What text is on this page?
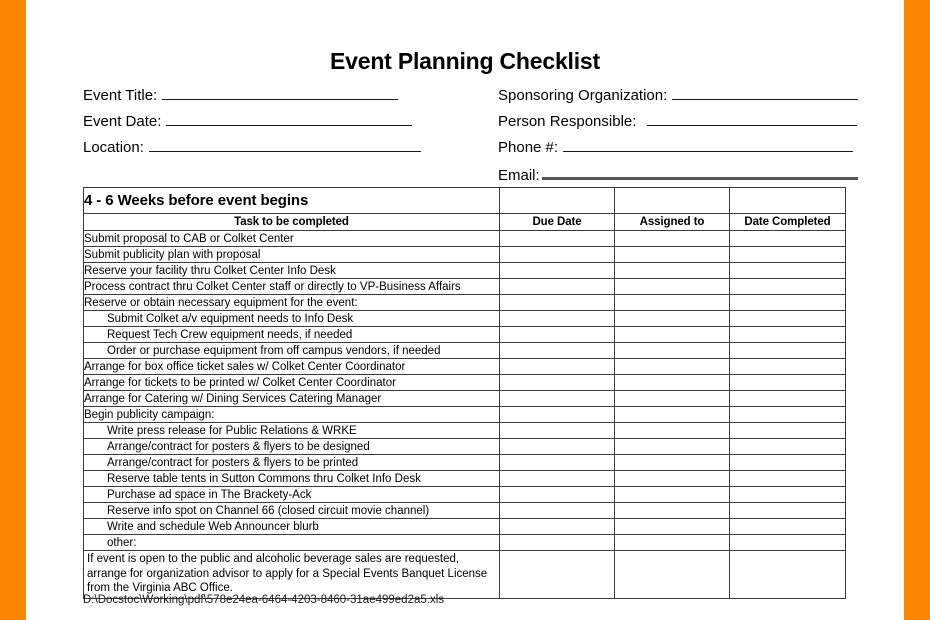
Event Planning Checklist
Event Title:
Event Date:
Location:
Sponsoring Organization:
Person Responsible:
Phone #:
Email:
4 - 6 Weeks before event begins			
Task to be completed	Due Date	Assigned to	Date Completed
Submit proposal to CAB or Colket Center			
Submit publicity plan with proposal			
Reserve your facility thru Colket Center Info Desk			
Process contract thru Colket Center staff or directly to VP-Business Affairs			
Reserve or obtain necessary equipment for the event:			
Submit Colket a/v equipment needs to Info Desk			
Request Tech Crew equipment needs, if needed			
Order or purchase equipment from off campus vendors, if needed			
Arrange for box office ticket sales w/ Colket Center Coordinator			
Arrange for tickets to be printed w/ Colket Center Coordinator			
Arrange for Catering w/ Dining Services Catering Manager			
Begin publicity campaign:			
Write press release for Public Relations & WRKE			
Arrange/contract for posters & flyers to be designed			
Arrange/contract for posters & flyers to be printed			
Reserve table tents in Sutton Commons thru Colket Info Desk			
Purchase ad space in The Brackety-Ack			
Reserve info spot on Channel 66 (closed circuit movie channel)			
Write and schedule Web Announcer blurb			
other:			
If event is open to the public and alcoholic beverage sales are requested, arrange for organization advisor to apply for a Special Events Banquet License from the Virginia ABC Office.			
D:\Docstoc\Working\pdf\578e24ea-6464-4203-8460-31ae499ed2a5.xls
